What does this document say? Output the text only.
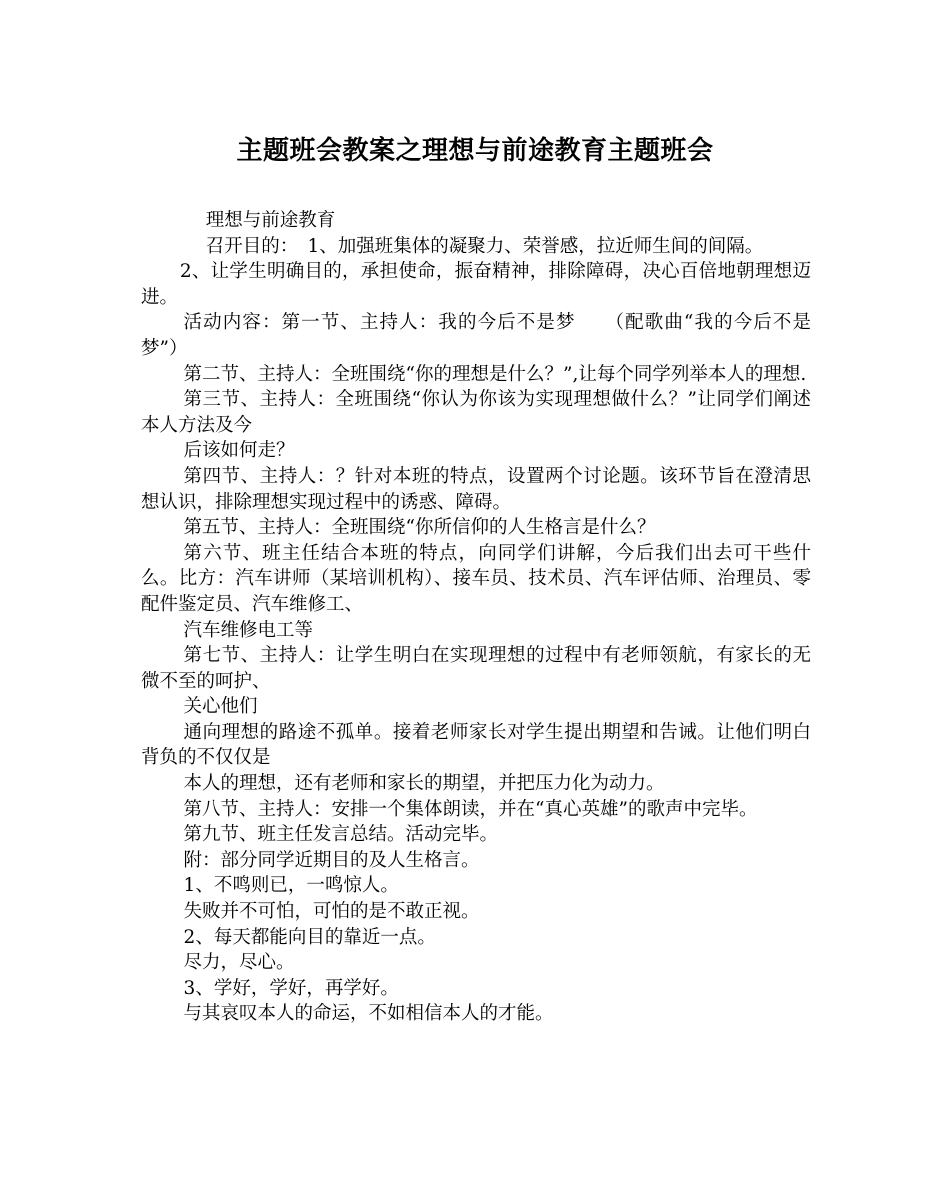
主题班会教案之理想与前途教育主题班会

理想与前途教育

召开目的：　1、加强班集体的凝聚力、荣誉感，拉近师生间的间隔。

2、让学生明确目的，承担使命，振奋精神，排除障碍，决心百倍地朝理想迈进。

活动内容：第一节、主持人：我的今后不是梦　　（配歌曲“我的今后不是梦”）

第二节、主持人：全班围绕“你的理想是什么？”,让每个同学列举本人的理想.

第三节、主持人：全班围绕“你认为你该为实现理想做什么？”让同学们阐述本人方法及今

后该如何走？

第四节、主持人：？针对本班的特点，设置两个讨论题。该环节旨在澄清思想认识，排除理想实现过程中的诱惑、障碍。

第五节、主持人：全班围绕“你所信仰的人生格言是什么？

第六节、班主任结合本班的特点，向同学们讲解，今后我们出去可干些什么。比方：汽车讲师（某培训机构）、接车员、技术员、汽车评估师、治理员、零配件鉴定员、汽车维修工、

汽车维修电工等

第七节、主持人：让学生明白在实现理想的过程中有老师领航，有家长的无微不至的呵护、

关心他们

通向理想的路途不孤单。接着老师家长对学生提出期望和告诫。让他们明白背负的不仅仅是

本人的理想，还有老师和家长的期望，并把压力化为动力。

第八节、主持人：安排一个集体朗读，并在“真心英雄”的歌声中完毕。

第九节、班主任发言总结。活动完毕。

附：部分同学近期目的及人生格言。

1、不鸣则已，一鸣惊人。

失败并不可怕，可怕的是不敢正视。

2、每天都能向目的靠近一点。

尽力，尽心。

3、学好，学好，再学好。

与其哀叹本人的命运，不如相信本人的才能。
